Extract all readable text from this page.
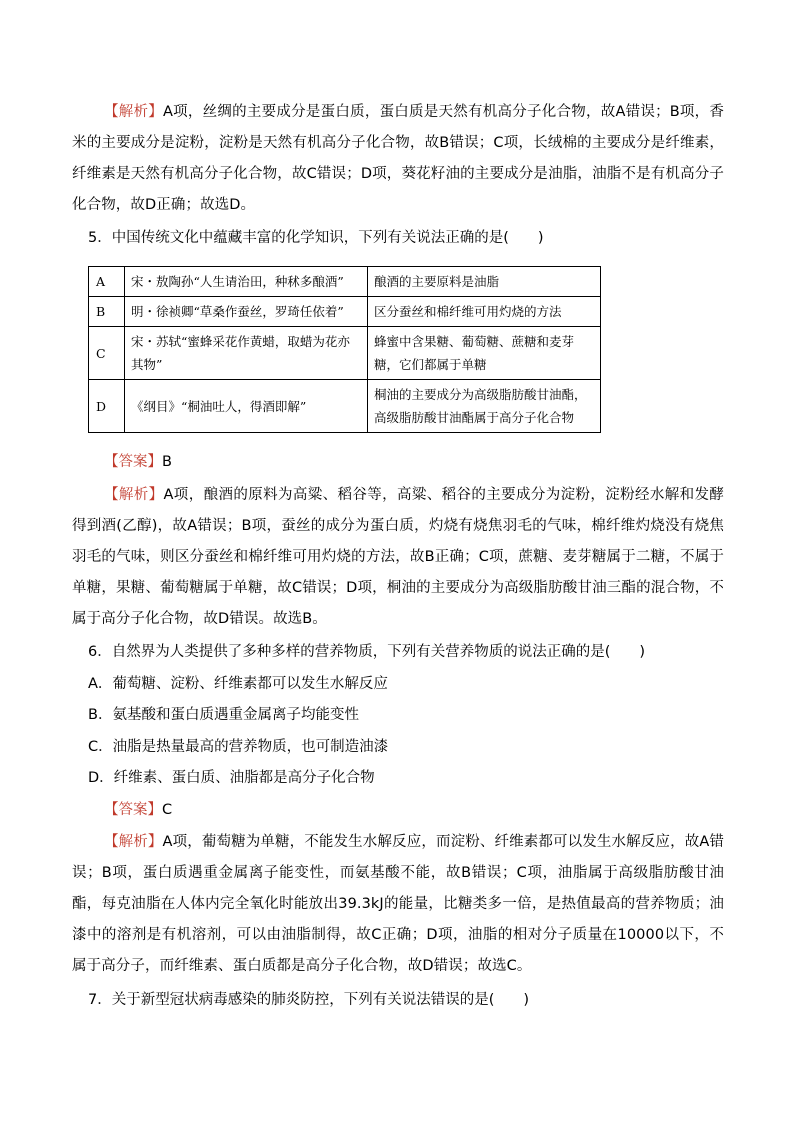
【解析】A项，丝绸的主要成分是蛋白质，蛋白质是天然有机高分子化合物，故A错误；B项，香米的主要成分是淀粉，淀粉是天然有机高分子化合物，故B错误；C项，长绒棉的主要成分是纤维素，纤维素是天然有机高分子化合物，故C错误；D项，葵花籽油的主要成分是油脂，油脂不是有机高分子化合物，故D正确；故选D。
5．中国传统文化中蕴藏丰富的化学知识，下列有关说法正确的是(　　)
A	宋・敖陶孙“人生请治田，种秫多酿酒”	酿酒的主要原料是油脂
B	明・徐祯卿“草桑作蚕丝，罗琦任依着”	区分蚕丝和棉纤维可用灼烧的方法
C	宋・苏轼“蜜蜂采花作黄蜡，取蜡为花亦其物”	蜂蜜中含果糖、葡萄糖、蔗糖和麦芽糖，它们都属于单糖
D	《纲目》“桐油吐人，得酒即解”	桐油的主要成分为高级脂肪酸甘油酯，高级脂肪酸甘油酯属于高分子化合物
【答案】B
【解析】A项，酿酒的原料为高粱、稻谷等，高粱、稻谷的主要成分为淀粉，淀粉经水解和发酵得到酒(乙醇)，故A错误；B项，蚕丝的成分为蛋白质，灼烧有烧焦羽毛的气味，棉纤维灼烧没有烧焦羽毛的气味，则区分蚕丝和棉纤维可用灼烧的方法，故B正确；C项，蔗糖、麦芽糖属于二糖，不属于单糖，果糖、葡萄糖属于单糖，故C错误；D项，桐油的主要成分为高级脂肪酸甘油三酯的混合物，不属于高分子化合物，故D错误。故选B。
6．自然界为人类提供了多种多样的营养物质，下列有关营养物质的说法正确的是(　　)
A．葡萄糖、淀粉、纤维素都可以发生水解反应
B．氨基酸和蛋白质遇重金属离子均能变性
C．油脂是热量最高的营养物质，也可制造油漆
D．纤维素、蛋白质、油脂都是高分子化合物
【答案】C
【解析】A项，葡萄糖为单糖，不能发生水解反应，而淀粉、纤维素都可以发生水解反应，故A错误；B项，蛋白质遇重金属离子能变性，而氨基酸不能，故B错误；C项，油脂属于高级脂肪酸甘油酯，每克油脂在人体内完全氧化时能放出39.3kJ的能量，比糖类多一倍，是热值最高的营养物质；油漆中的溶剂是有机溶剂，可以由油脂制得，故C正确；D项，油脂的相对分子质量在10000以下，不属于高分子，而纤维素、蛋白质都是高分子化合物，故D错误；故选C。
7．关于新型冠状病毒感染的肺炎防控，下列有关说法错误的是(　　)
